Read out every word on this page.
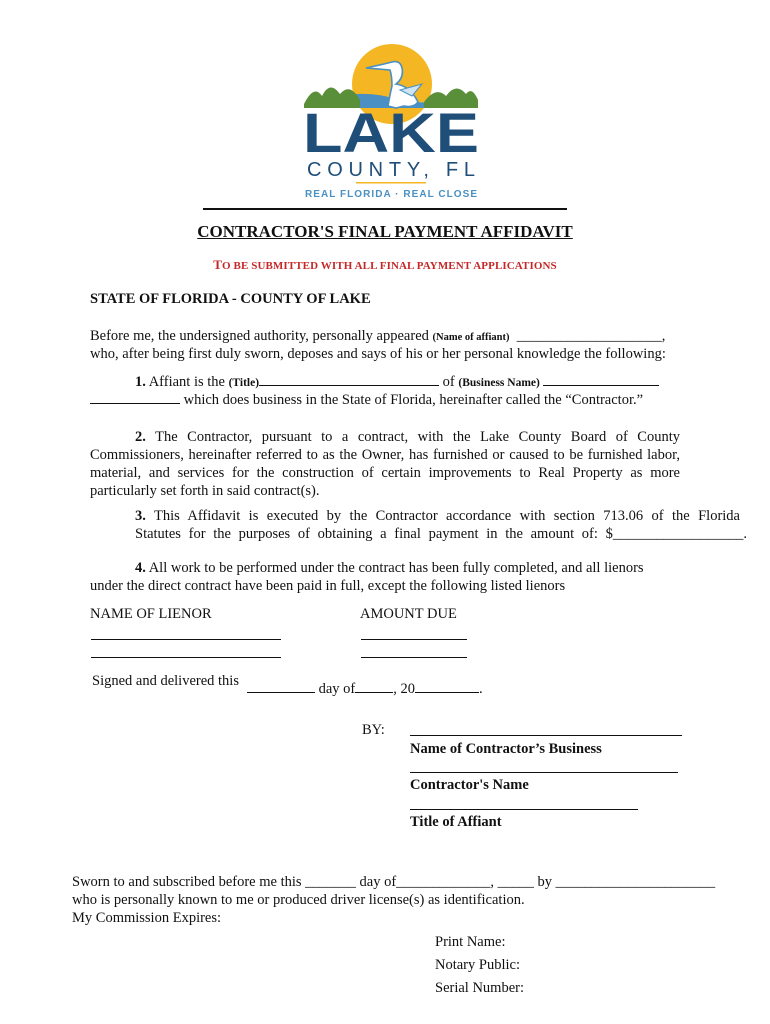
LAKE
COUNTY, FL
REAL FLORIDA · REAL CLOSE
CONTRACTOR'S FINAL PAYMENT AFFIDAVIT
TO BE SUBMITTED WITH ALL FINAL PAYMENT APPLICATIONS
STATE OF FLORIDA - COUNTY OF LAKE
Before me, the undersigned authority, personally appeared (Name of affiant) ____________________,
who, after being first duly sworn, deposes and says of his or her personal knowledge the following:
1. Affiant is the (Title)	of (Business Name)
which does business in the State of Florida, hereinafter called the “Contractor.”
2. The Contractor, pursuant to a contract, with the Lake County Board of County Commissioners, hereinafter referred to as the Owner, has furnished or caused to be furnished labor, material, and services for the construction of certain improvements to Real Property as more particularly set forth in said contract(s).
3. This Affidavit is executed by the Contractor accordance with section 713.06 of the Florida
Statutes for the purposes of obtaining a final payment in the amount of: $__________________.
4. All work to be performed under the contract has been fully completed, and all lienors
under the direct contract have been paid in full, except the following listed lienors
NAME OF LIENOR	AMOUNT DUE
Signed and delivered this	day of	, 20	.
BY:
Name of Contractor’s Business
Contractor's Name
Title of Affiant
Sworn to and subscribed before me this _______ day of_____________, _____ by ______________________
who is personally known to me or produced driver license(s) as identification.
My Commission Expires:
Print Name:
Notary Public:
Serial Number:
